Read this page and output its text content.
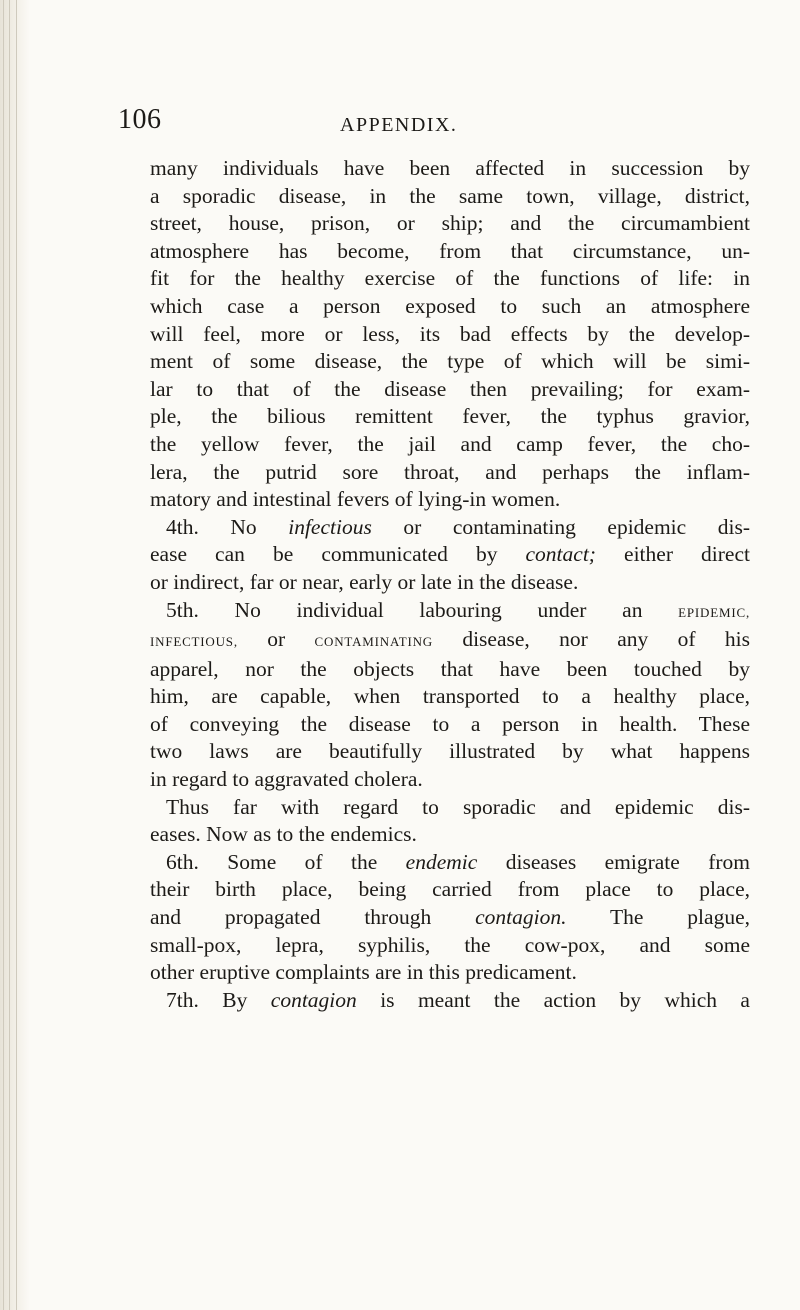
106	APPENDIX.
many individuals have been affected in succession by
a sporadic disease, in the same town, village, district,
street, house, prison, or ship; and the circumambient
atmosphere has become, from that circumstance, un-
fit for the healthy exercise of the functions of life: in
which case a person exposed to such an atmosphere
will feel, more or less, its bad effects by the develop-
ment of some disease, the type of which will be simi-
lar to that of the disease then prevailing; for exam-
ple, the bilious remittent fever, the typhus gravior,
the yellow fever, the jail and camp fever, the cho-
lera, the putrid sore throat, and perhaps the inflam-
matory and intestinal fevers of lying-in women.
4th. No infectious or contaminating epidemic dis-
ease can be communicated by contact; either direct
or indirect, far or near, early or late in the disease.
5th. No individual labouring under an EPIDEMIC,
INFECTIOUS, or CONTAMINATING disease, nor any of his
apparel, nor the objects that have been touched by
him, are capable, when transported to a healthy place,
of conveying the disease to a person in health. These
two laws are beautifully illustrated by what happens
in regard to aggravated cholera.
Thus far with regard to sporadic and epidemic dis-
eases. Now as to the endemics.
6th. Some of the endemic diseases emigrate from
their birth place, being carried from place to place,
and propagated through contagion. The plague,
small-pox, lepra, syphilis, the cow-pox, and some
other eruptive complaints are in this predicament.
7th. By contagion is meant the action by which a
